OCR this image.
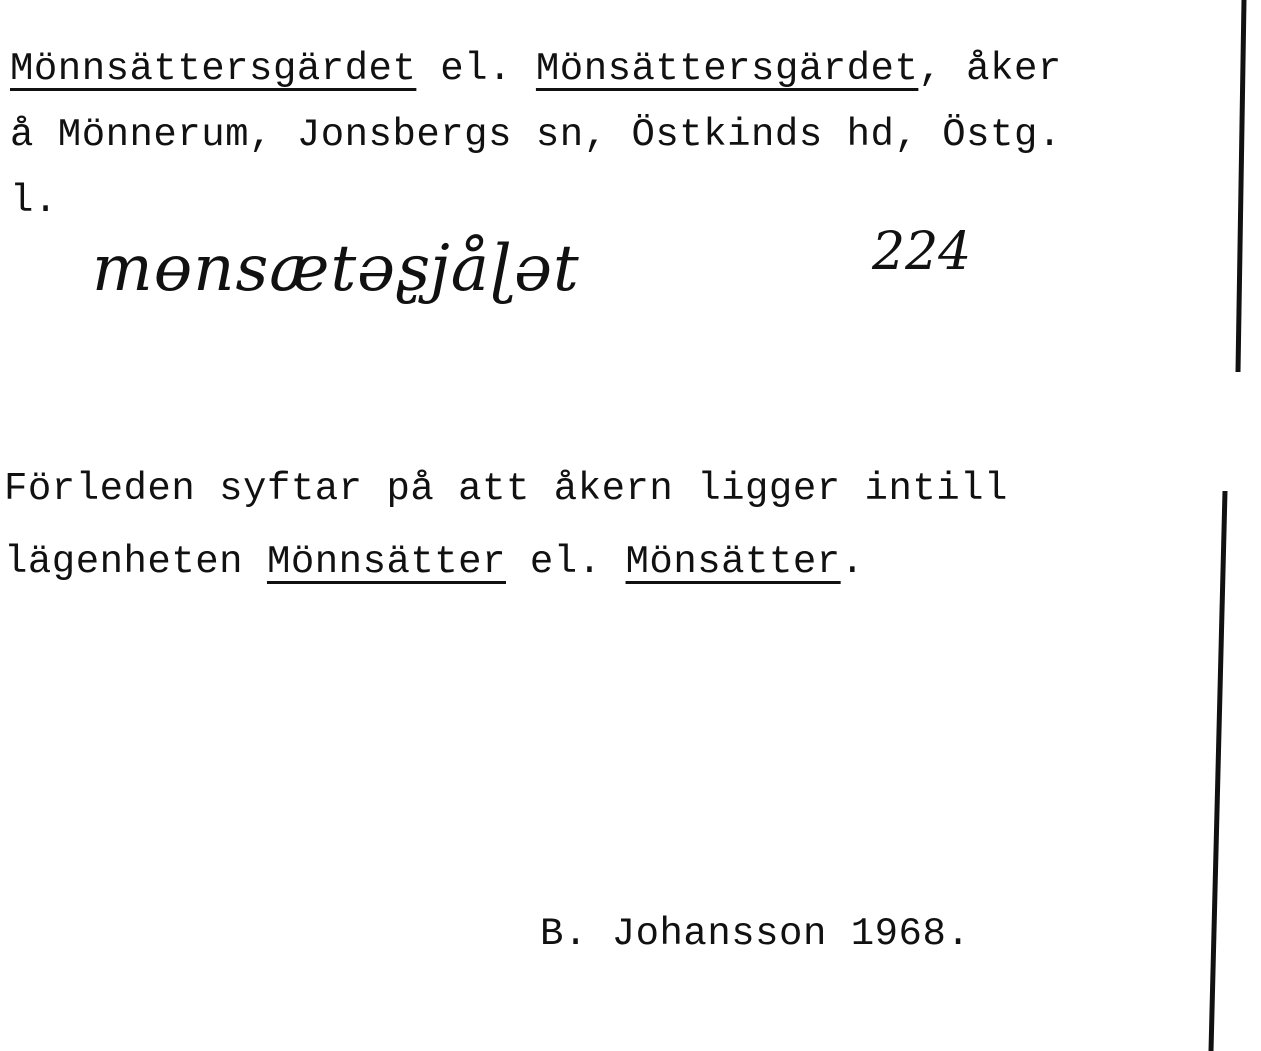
Mönnsättersgärdet el. Mönsättersgärdet, åker
å Mönnerum, Jonsbergs sn, Östkinds hd, Östg.
l.
mɵnsætəʂjåɭət	224
Förleden syftar på att åkern ligger intill
lägenheten Mönnsätter el. Mönsätter.
B. Johansson 1968.
